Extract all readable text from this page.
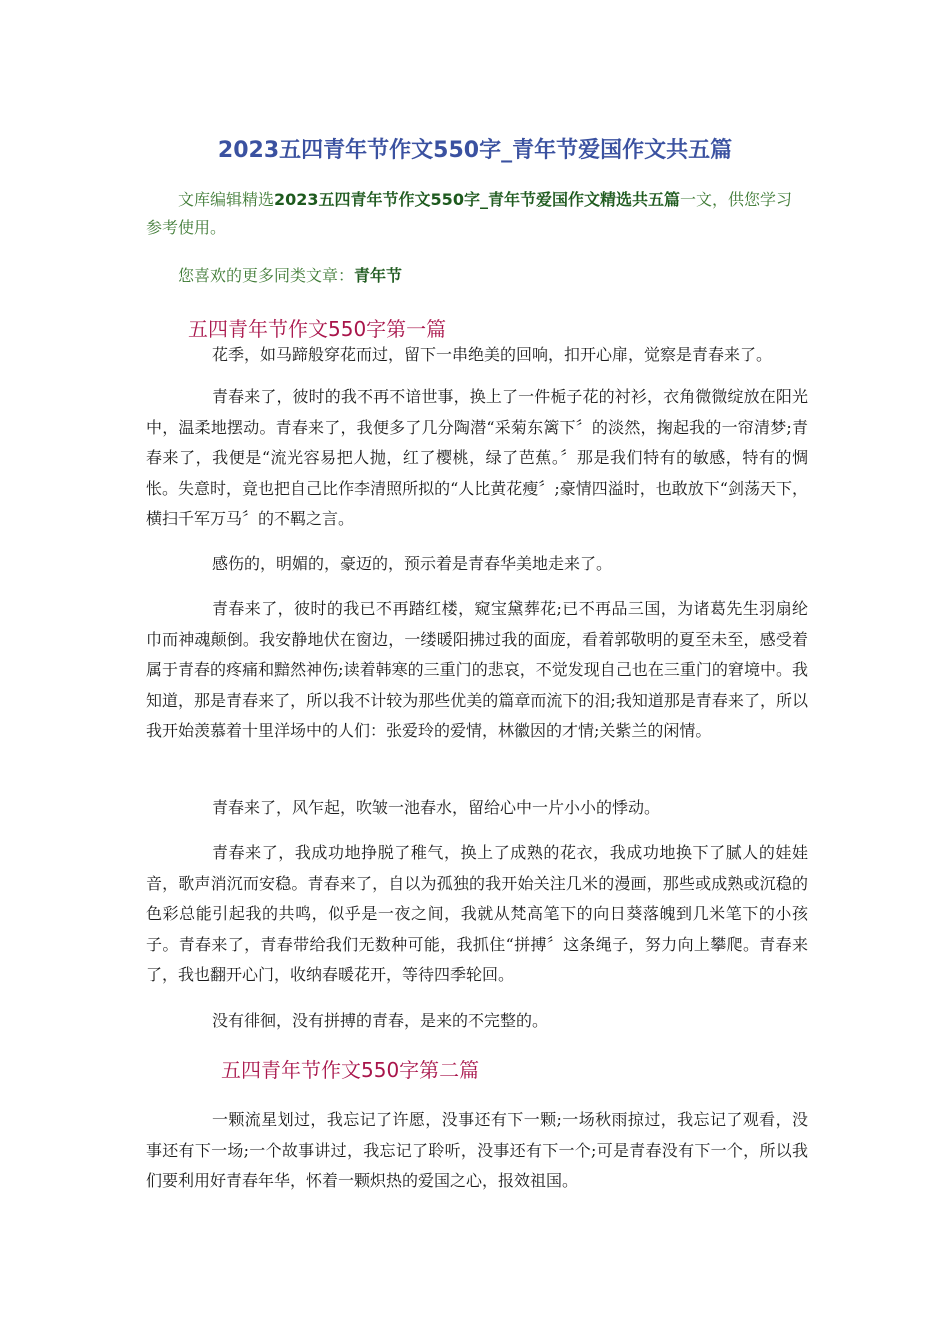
2023五四青年节作文550字_青年节爱国作文共五篇

文库编辑精选2023五四青年节作文550字_青年节爱国作文精选共五篇一文，供您学习参考使用。

您喜欢的更多同类文章：青年节

五四青年节作文550字第一篇

花季，如马蹄般穿花而过，留下一串绝美的回响，扣开心扉，觉察是青春来了。

青春来了，彼时的我不再不谙世事，换上了一件栀子花的衬衫，衣角微微绽放在阳光中，温柔地摆动。青春来了，我便多了几分陶潜“采菊东篱下〞的淡然，掬起我的一帘清梦;青春来了，我便是“流光容易把人抛，红了樱桃，绿了芭蕉。〞那是我们特有的敏感，特有的惆怅。失意时，竟也把自己比作李清照所拟的“人比黄花瘦〞;豪情四溢时，也敢放下“剑荡天下，横扫千军万马〞的不羁之言。

感伤的，明媚的，豪迈的，预示着是青春华美地走来了。

青春来了，彼时的我已不再踏红楼，窥宝黛葬花;已不再品三国，为诸葛先生羽扇纶巾而神魂颠倒。我安静地伏在窗边，一缕暖阳拂过我的面庞，看着郭敬明的夏至未至，感受着属于青春的疼痛和黯然神伤;读着韩寒的三重门的悲哀，不觉发现自己也在三重门的窘境中。我知道，那是青春来了，所以我不计较为那些优美的篇章而流下的泪;我知道那是青春来了，所以我开始羡慕着十里洋场中的人们：张爱玲的爱情，林徽因的才情;关紫兰的闲情。

青春来了，风乍起，吹皱一池春水，留给心中一片小小的悸动。

青春来了，我成功地挣脱了稚气，换上了成熟的花衣，我成功地换下了腻人的娃娃音，歌声消沉而安稳。青春来了，自以为孤独的我开始关注几米的漫画，那些或成熟或沉稳的色彩总能引起我的共鸣，似乎是一夜之间，我就从梵高笔下的向日葵落魄到几米笔下的小孩子。青春来了，青春带给我们无数种可能，我抓住“拼搏〞这条绳子，努力向上攀爬。青春来了，我也翻开心门，收纳春暖花开，等待四季轮回。

没有徘徊，没有拼搏的青春，是来的不完整的。

五四青年节作文550字第二篇

一颗流星划过，我忘记了许愿，没事还有下一颗;一场秋雨掠过，我忘记了观看，没事还有下一场;一个故事讲过，我忘记了聆听，没事还有下一个;可是青春没有下一个，所以我们要利用好青春年华，怀着一颗炽热的爱国之心，报效祖国。
